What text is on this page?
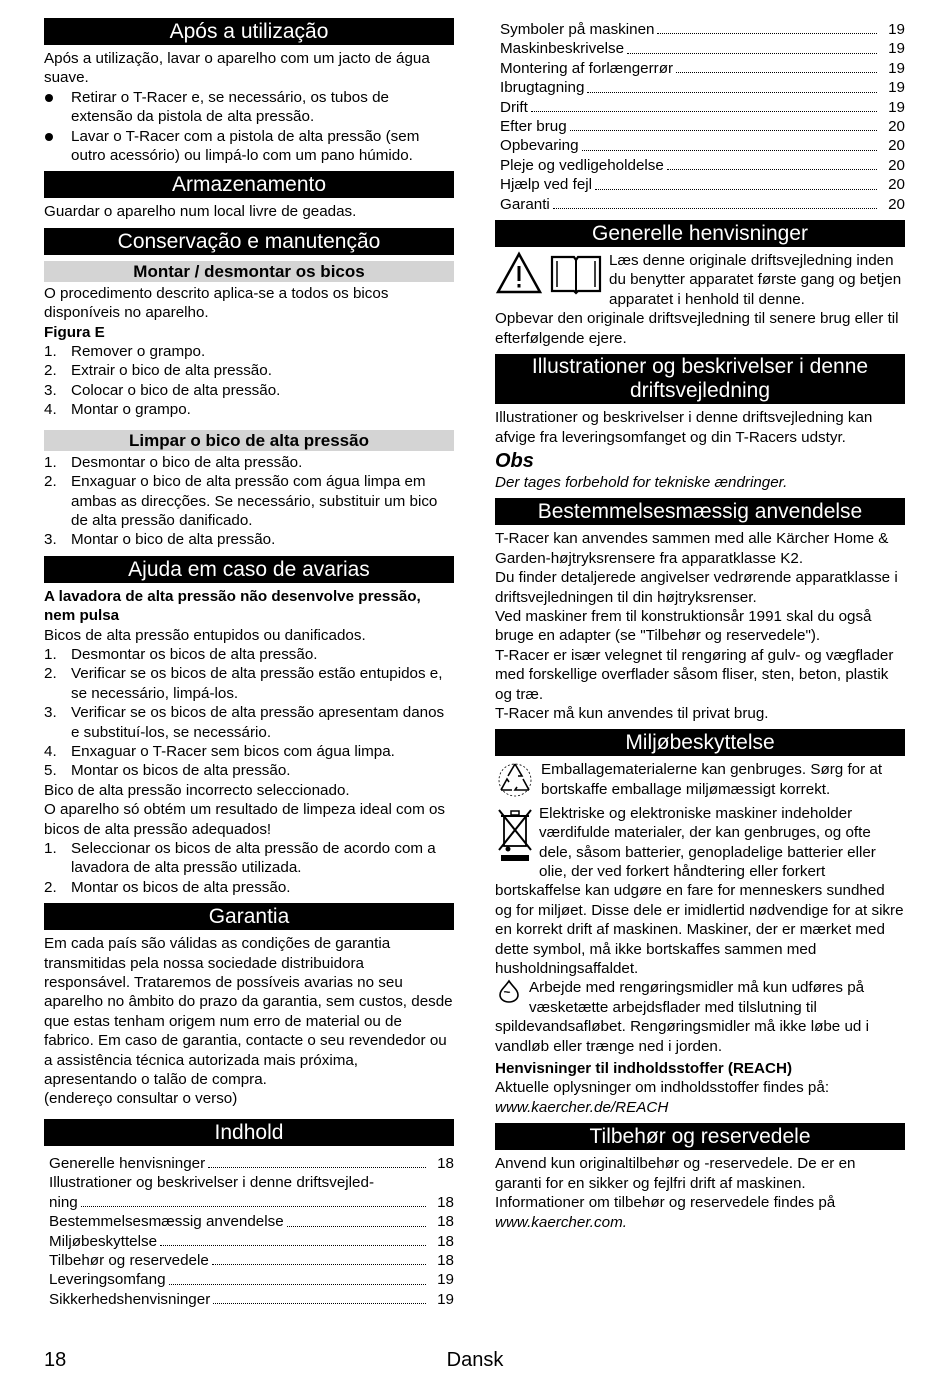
Após a utilização

Após a utilização, lavar o aparelho com um jacto de água suave.

Retirar o T-Racer e, se necessário, os tubos de extensão da pistola de alta pressão.
Lavar o T-Racer com a pistola de alta pressão (sem outro acessório) ou limpá-lo com um pano húmido.
Armazenamento

Guardar o aparelho num local livre de geadas.

Conservação e manutenção
Montar / desmontar os bicos

O procedimento descrito aplica-se a todos os bicos disponíveis no aparelho.

Figura E

1. Remover o grampo.
2. Extrair o bico de alta pressão.
3. Colocar o bico de alta pressão.
4. Montar o grampo.
Limpar o bico de alta pressão
1. Desmontar o bico de alta pressão.
2. Enxaguar o bico de alta pressão com água limpa em ambas as direcções. Se necessário, substituir um bico de alta pressão danificado.
3. Montar o bico de alta pressão.
Ajuda em caso de avarias

A lavadora de alta pressão não desenvolve pressão, nem pulsa

Bicos de alta pressão entupidos ou danificados.

1. Desmontar os bicos de alta pressão.
2. Verificar se os bicos de alta pressão estão entupidos e, se necessário, limpá-los.
3. Verificar se os bicos de alta pressão apresentam danos e substituí-los, se necessário.
4. Enxaguar o T-Racer sem bicos com água limpa.
5. Montar os bicos de alta pressão.

Bico de alta pressão incorrecto seleccionado.

O aparelho só obtém um resultado de limpeza ideal com os bicos de alta pressão adequados!

1. Seleccionar os bicos de alta pressão de acordo com a lavadora de alta pressão utilizada.
2. Montar os bicos de alta pressão.
Garantia

Em cada país são válidas as condições de garantia transmitidas pela nossa sociedade distribuidora responsável. Trataremos de possíveis avarias no seu aparelho no âmbito do prazo da garantia, sem custos, desde que estas tenham origem num erro de material ou de fabrico. Em caso de garantia, contacte o seu revendedor ou a assistência técnica autorizada mais próxima, apresentando o talão de compra.

(endereço consultar o verso)

Indhold
Generelle henvisninger	18
Illustrationer og beskrivelser i denne driftsvejled-
ning	18
Bestemmelsesmæssig anvendelse	18
Miljøbeskyttelse	18
Tilbehør og reservedele	18
Leveringsomfang	19
Sikkerhedshenvisninger	19
Symboler på maskinen	19
Maskinbeskrivelse	19
Montering af forlængerrør	19
Ibrugtagning	19
Drift	19
Efter brug	20
Opbevaring	20
Pleje og vedligeholdelse	20
Hjælp ved fejl	20
Garanti	20
Generelle henvisninger

Læs denne originale driftsvejledning inden du benytter apparatet første gang og betjen apparatet i henhold til denne.

Opbevar den originale driftsvejledning til senere brug eller til efterfølgende ejere.

Illustrationer og beskrivelser i denne driftsvejledning

Illustrationer og beskrivelser i denne driftsvejledning kan afvige fra leveringsomfanget og din T-Racers udstyr.

Obs

Der tages forbehold for tekniske ændringer.

Bestemmelsesmæssig anvendelse

T-Racer kan anvendes sammen med alle Kärcher Home & Garden-højtryksrensere fra apparatklasse K2.

Du finder detaljerede angivelser vedrørende apparatklasse i driftsvejledningen til din højtryksrenser.

Ved maskiner frem til konstruktionsår 1991 skal du også bruge en adapter (se "Tilbehør og reservedele").

T-Racer er især velegnet til rengøring af gulv- og vægflader med forskellige overflader såsom fliser, sten, beton, plastik og træ.

T-Racer må kun anvendes til privat brug.

Miljøbeskyttelse

Emballagematerialerne kan genbruges. Sørg for at bortskaffe emballage miljømæssigt korrekt.

Elektriske og elektroniske maskiner indeholder værdifulde materialer, der kan genbruges, og ofte dele, såsom batterier, genopladelige batterier eller olie, der ved forkert håndtering eller forkert bortskaffelse kan udgøre en fare for menneskers sundhed og for miljøet. Disse dele er imidlertid nødvendige for at sikre en korrekt drift af maskinen. Maskiner, der er mærket med dette symbol, må ikke bortskaffes sammen med husholdningsaffaldet.

Arbejde med rengøringsmidler må kun udføres på væsketætte arbejdsflader med tilslutning til spildevandsafløbet. Rengøringsmidler må ikke løbe ud i vandløb eller trænge ned i jorden.

Henvisninger til indholdsstoffer (REACH)

Aktuelle oplysninger om indholdsstoffer findes på:

www.kaercher.de/REACH

Tilbehør og reservedele

Anvend kun originaltilbehør og -reservedele. De er en garanti for en sikker og fejlfri drift af maskinen.

Informationer om tilbehør og reservedele findes på

www.kaercher.com.

18	Dansk
